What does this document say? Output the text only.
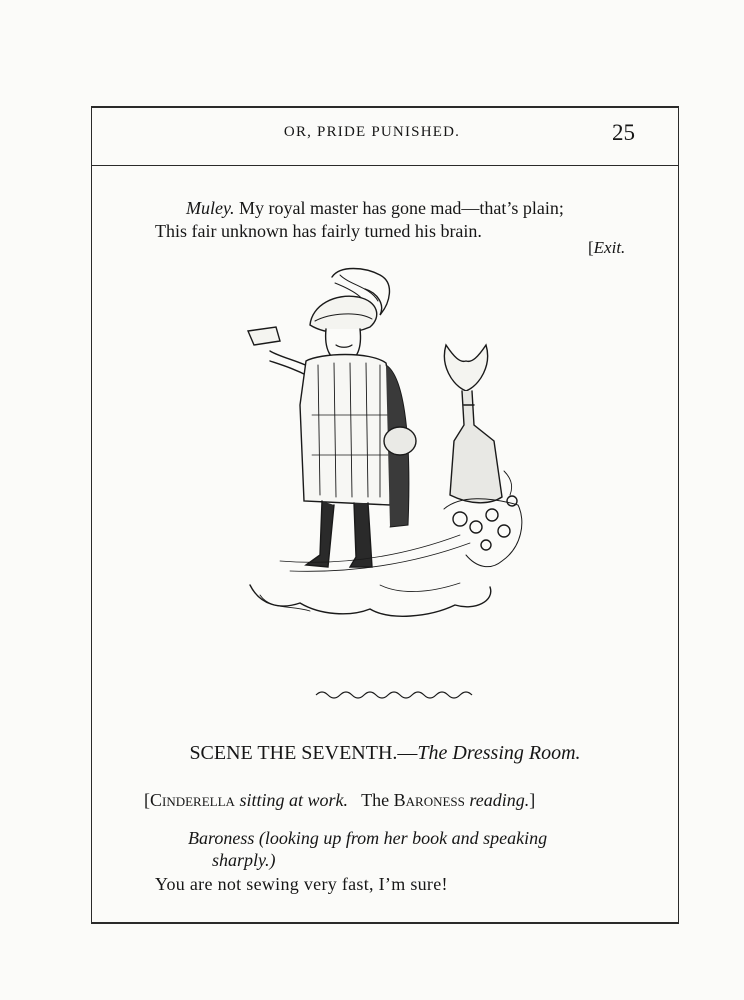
OR, PRIDE PUNISHED.	25
Muley. My royal master has gone mad—that’s plain;
This fair unknown has fairly turned his brain.
[Exit.
SCENE THE SEVENTH.—The Dressing Room.
[Cinderella sitting at work.   The Baroness reading.]
Baroness (looking up from her book and speaking
sharply.)
You are not sewing very fast, I’m sure!
